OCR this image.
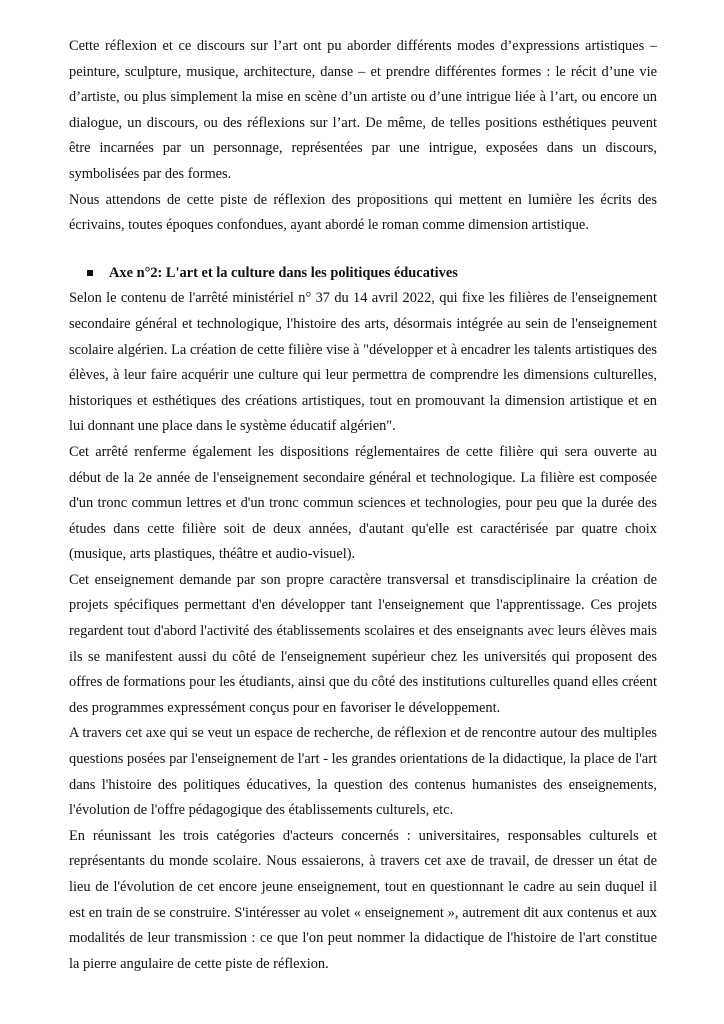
Cette réflexion et ce discours sur l’art ont pu aborder différents modes d’expressions artistiques – peinture, sculpture, musique, architecture, danse – et prendre différentes formes : le récit d’une vie d’artiste, ou plus simplement la mise en scène d’un artiste ou d’une intrigue liée à l’art, ou encore un dialogue, un discours, ou des réflexions sur l’art. De même, de telles positions esthétiques peuvent être incarnées par un personnage, représentées par une intrigue, exposées dans un discours, symbolisées par des formes.

Nous attendons de cette piste de réflexion des propositions qui mettent en lumière les écrits des écrivains, toutes époques confondues, ayant abordé le roman comme dimension artistique.

Axe n°2: L'art et la culture dans les politiques éducatives

Selon le contenu de l'arrêté ministériel n° 37 du 14 avril 2022, qui fixe les filières de l'enseignement secondaire général et technologique, l'histoire des arts, désormais intégrée au sein de l'enseignement scolaire algérien. La création de cette filière vise à "développer et à encadrer les talents artistiques des élèves, à leur faire acquérir une culture qui leur permettra de comprendre les dimensions culturelles, historiques et esthétiques des créations artistiques, tout en promouvant la dimension artistique et en lui donnant une place dans le système éducatif algérien".

Cet arrêté renferme également les dispositions réglementaires de cette filière qui sera ouverte au début de la 2e année de l'enseignement secondaire général et technologique. La filière est composée d'un tronc commun lettres et d'un tronc commun sciences et technologies, pour peu que la durée des études dans cette filière soit de deux années, d'autant qu'elle est caractérisée par quatre choix (musique, arts plastiques, théâtre et audio-visuel).

Cet enseignement demande par son propre caractère transversal et transdisciplinaire la création de projets spécifiques permettant d'en développer tant l'enseignement que l'apprentissage. Ces projets regardent tout d'abord l'activité des établissements scolaires et des enseignants avec leurs élèves mais ils se manifestent aussi du côté de l'enseignement supérieur chez les universités qui proposent des offres de formations pour les étudiants, ainsi que du côté des institutions culturelles quand elles créent des programmes expressément conçus pour en favoriser le développement.

A travers cet axe qui se veut un espace de recherche, de réflexion et de rencontre autour des multiples questions posées par l'enseignement de l'art - les grandes orientations de la didactique, la place de l'art dans l'histoire des politiques éducatives, la question des contenus humanistes des enseignements, l'évolution de l'offre pédagogique des établissements culturels, etc.

En réunissant les trois catégories d'acteurs concernés : universitaires, responsables culturels et représentants du monde scolaire. Nous essaierons, à travers cet axe de travail, de dresser un état de lieu de l'évolution de cet encore jeune enseignement, tout en questionnant le cadre au sein duquel il est en train de se construire. S'intéresser au volet « enseignement », autrement dit aux contenus et aux modalités de leur transmission : ce que l'on peut nommer la didactique de l'histoire de l'art constitue la pierre angulaire de cette piste de réflexion.
